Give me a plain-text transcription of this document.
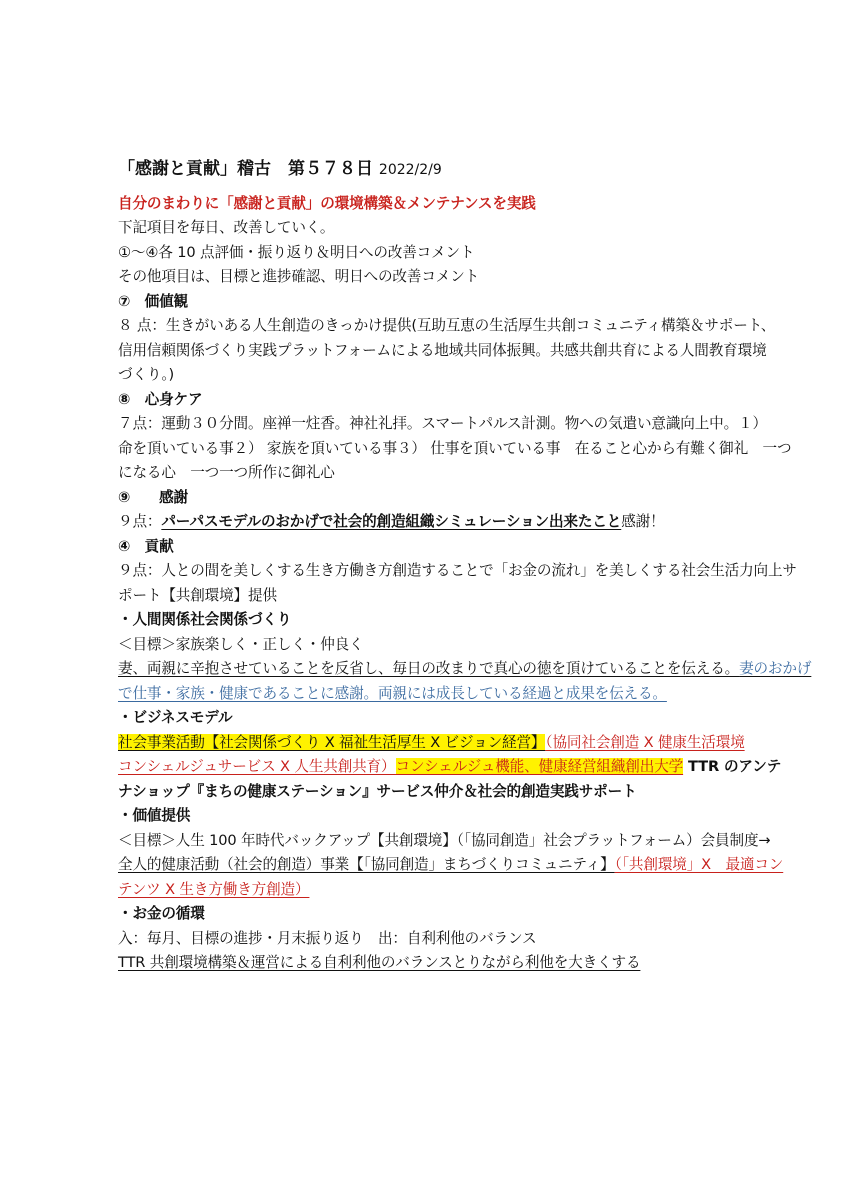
「感謝と貢献」稽古　第５７８日 2022/2/9
自分のまわりに「感謝と貢献」の環境構築＆メンテナンスを実践
下記項目を毎日、改善していく。
①～④各 10 点評価・振り返り＆明日への改善コメント
その他項目は、目標と進捗確認、明日への改善コメント
⑦　価値観
８ 点：生きがいある人生創造のきっかけ提供(互助互恵の生活厚生共創コミュニティ構築＆サポート、
信用信頼関係づくり実践プラットフォームによる地域共同体振興。共感共創共育による人間教育環境
づくり。)
⑧　心身ケア
７点：運動３０分間。座禅一炷香。神社礼拝。スマートパルス計測。物への気遣い意識向上中。１）
命を頂いている事２） 家族を頂いている事３） 仕事を頂いている事　在ること心から有難く御礼　一つ
になる心　一つ一つ所作に御礼心
⑨　　感謝
９点：パーパスモデルのおかげで社会的創造組織シミュレーション出来たこと感謝！
④　貢献
９点：人との間を美しくする生き方働き方創造することで「お金の流れ」を美しくする社会生活力向上サ
ポート【共創環境】提供
・人間関係社会関係づくり
＜目標＞家族楽しく・正しく・仲良く
妻、両親に辛抱させていることを反省し、毎日の改まりで真心の徳を頂けていることを伝える。妻のおかげ
で仕事・家族・健康であることに感謝。両親には成長している経過と成果を伝える。
・ビジネスモデル
社会事業活動【社会関係づくり X 福祉生活厚生 X ビジョン経営】（協同社会創造 X 健康生活環境
コンシェルジュサービス X 人生共創共育）コンシェルジュ機能、健康経営組織創出大学 TTR のアンテ
ナショップ『まちの健康ステーション』サービス仲介＆社会的創造実践サポート
・価値提供
＜目標＞人生 100 年時代バックアップ【共創環境】（「協同創造」社会プラットフォーム）会員制度→
全人的健康活動（社会的創造）事業【「協同創造」まちづくりコミュニティ】（「共創環境」X　最適コン
テンツ X 生き方働き方創造）
・お金の循環
入：毎月、目標の進捗・月末振り返り　出：自利利他のバランス
TTR 共創環境構築＆運営による自利利他のバランスとりながら利他を大きくする
